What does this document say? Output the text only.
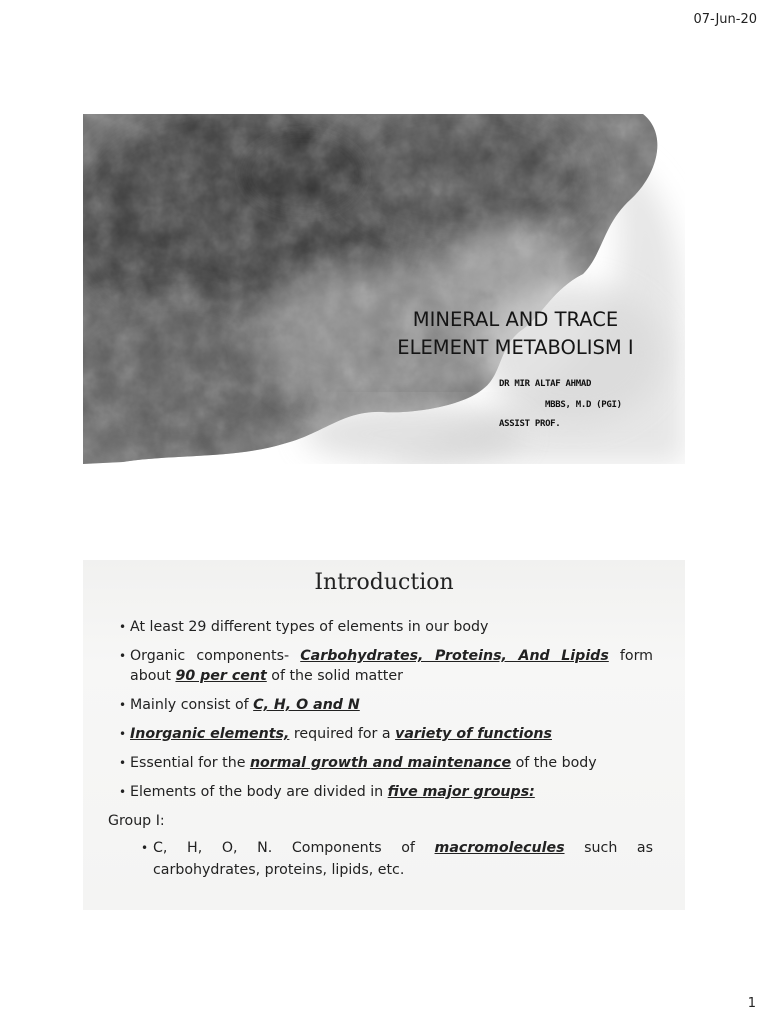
07-Jun-20
MINERAL AND TRACE
ELEMENT METABOLISM I
DR MIR ALTAF AHMAD
MBBS, M.D (PGI)
ASSIST PROF.
Introduction
• At least 29 different types of elements in our body
• Organic components- Carbohydrates, Proteins, And Lipids form
about 90 per cent of the solid matter
• Mainly consist of C, H, O and N
• Inorganic elements, required for a variety of functions
• Essential for the normal growth and maintenance of the body
• Elements of the body are divided in five major groups:
Group I:
• C, H, O, N. Components of macromolecules such as
carbohydrates, proteins, lipids, etc.
1
